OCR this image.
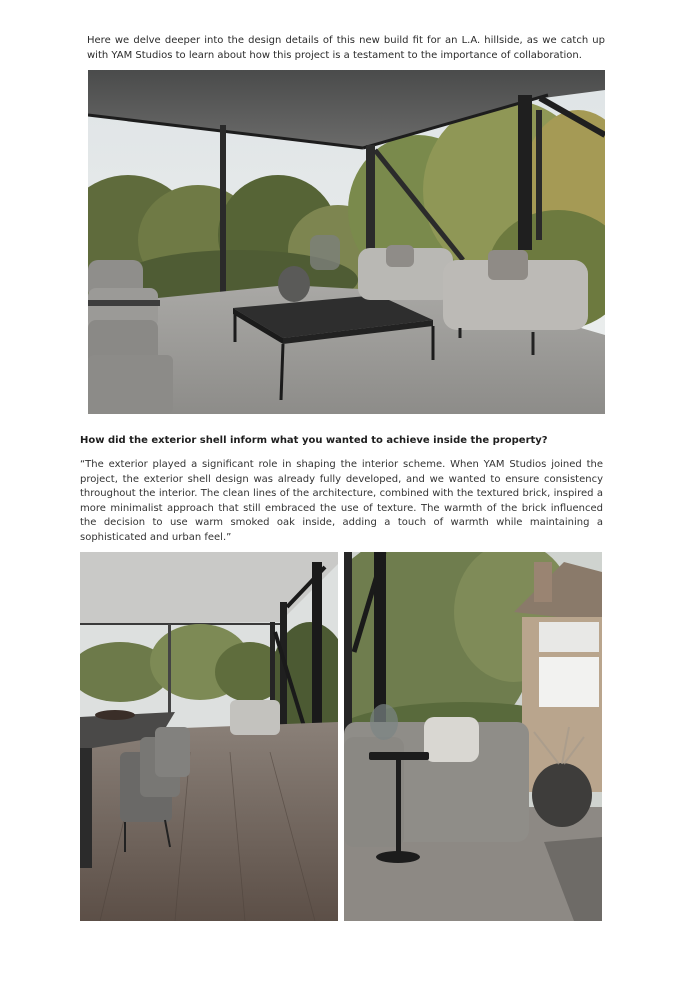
Here we delve deeper into the design details of this new build fit for an L.A. hillside, as we catch up with YAM Studios to learn about how this project is a testament to the importance of collaboration.

How did the exterior shell inform what you wanted to achieve inside the property?

“The exterior played a significant role in shaping the interior scheme. When YAM Studios joined the project, the exterior shell design was already fully developed, and we wanted to ensure consistency throughout the interior. The clean lines of the architecture, combined with the textured brick, inspired a more minimalist approach that still embraced the use of texture. The warmth of the brick influenced the decision to use warm smoked oak inside, adding a touch of warmth while maintaining a sophisticated and urban feel.”
